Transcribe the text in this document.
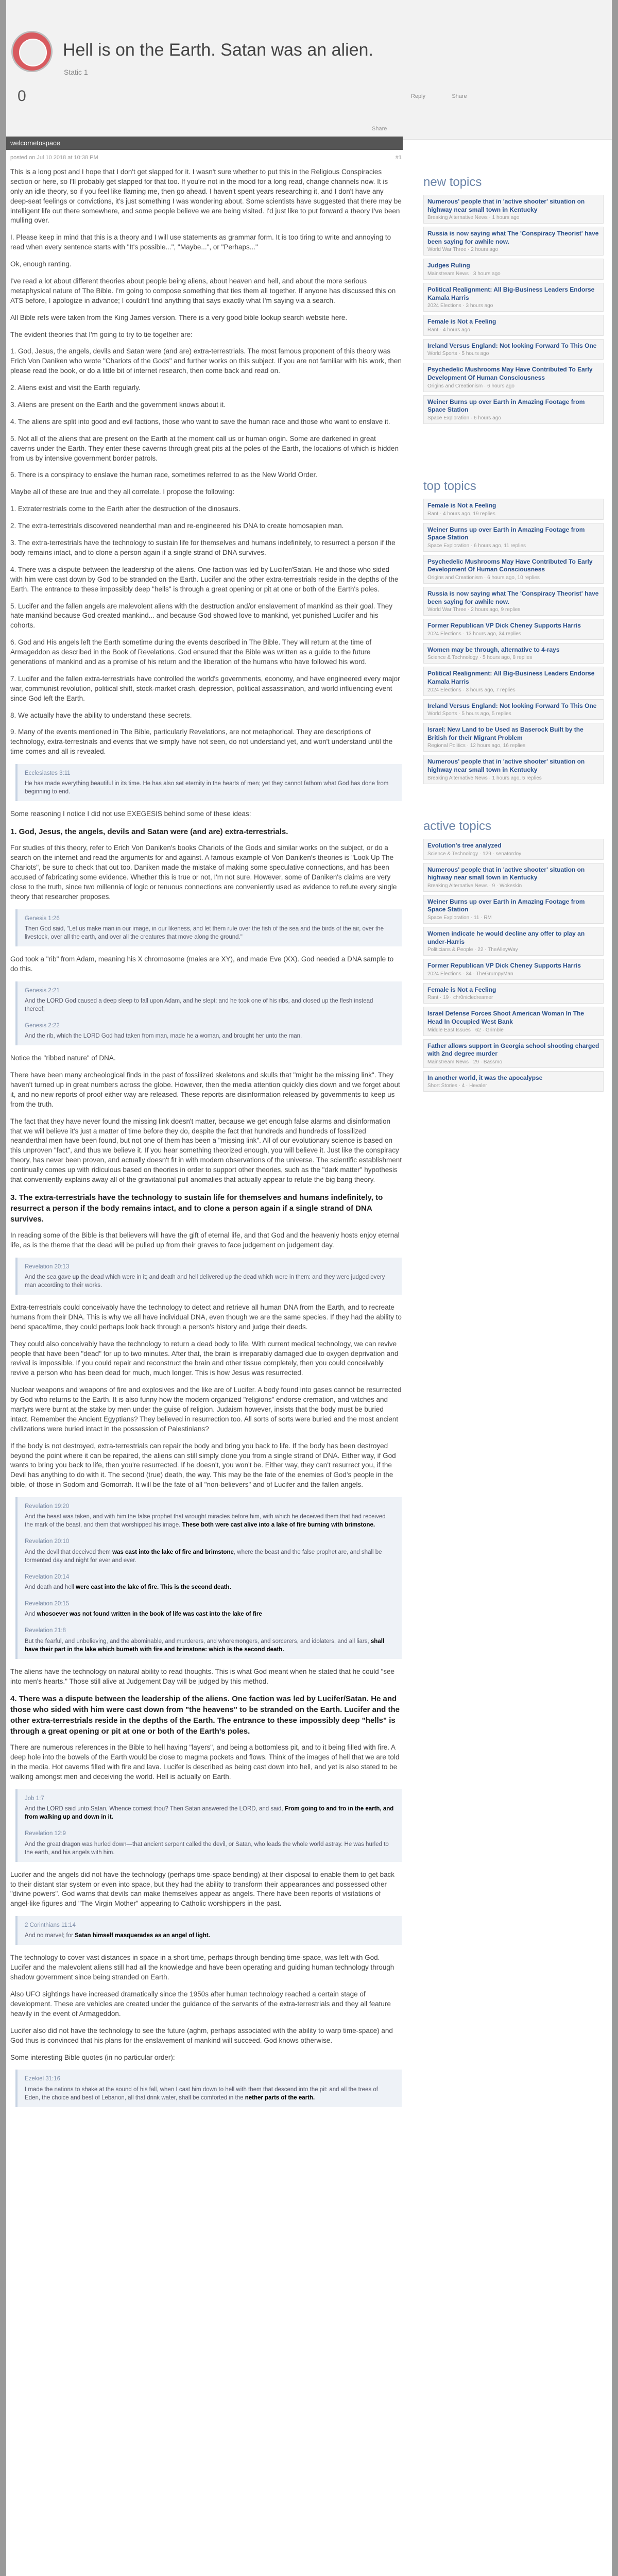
Hell is on the Earth. Satan was an alien.
Static 1
0	Reply	Share
Share
welcometospace
posted on Jul 10 2018 at 10:38 PM	#1

This is a long post and I hope that I don't get slapped for it. I wasn't sure whether to put this in the Religious Conspiracies section or here, so I'll probably get slapped for that too. If you're not in the mood for a long read, change channels now. It is only an idle theory, so if you feel like flaming me, then go ahead. I haven't spent years researching it, and I don't have any deep-seat feelings or convictions, it's just something I was wondering about. Some scientists have suggested that there may be intelligent life out there somewhere, and some people believe we are being visited. I'd just like to put forward a theory I've been mulling over.

I. Please keep in mind that this is a theory and I will use statements as grammar form. It is too tiring to write and annoying to read when every sentence starts with "It's possible...", "Maybe...", or "Perhaps..."

Ok, enough ranting.

I've read a lot about different theories about people being aliens, about heaven and hell, and about the more serious metaphysical nature of The Bible. I'm going to compose something that ties them all together. If anyone has discussed this on ATS before, I apologize in advance; I couldn't find anything that says exactly what I'm saying via a search.

All Bible refs were taken from the King James version. There is a very good bible lookup search website here.

The evident theories that I'm going to try to tie together are:

1. God, Jesus, the angels, devils and Satan were (and are) extra-terrestrials. The most famous proponent of this theory was Erich Von Daniken who wrote "Chariots of the Gods" and further works on this subject. If you are not familiar with his work, then please read the book, or do a little bit of internet research, then come back and read on.

2. Aliens exist and visit the Earth regularly.

3. Aliens are present on the Earth and the government knows about it.

4. The aliens are split into good and evil factions, those who want to save the human race and those who want to enslave it.

5. Not all of the aliens that are present on the Earth at the moment call us or human origin. Some are darkened in great caverns under the Earth. They enter these caverns through great pits at the poles of the Earth, the locations of which is hidden from us by intensive government border patrols.

6. There is a conspiracy to enslave the human race, sometimes referred to as the New World Order.

Maybe all of these are true and they all correlate. I propose the following:

1. Extraterrestrials come to the Earth after the destruction of the dinosaurs.

2. The extra-terrestrials discovered neanderthal man and re-engineered his DNA to create homosapien man.

3. The extra-terrestrials have the technology to sustain life for themselves and humans indefinitely, to resurrect a person if the body remains intact, and to clone a person again if a single strand of DNA survives.

4. There was a dispute between the leadership of the aliens. One faction was led by Lucifer/Satan. He and those who sided with him were cast down by God to be stranded on the Earth. Lucifer and the other extra-terrestrials reside in the depths of the Earth. The entrance to these impossibly deep "hells" is through a great opening or pit at one or both of the Earth's poles.

5. Lucifer and the fallen angels are malevolent aliens with the destruction and/or enslavement of mankind as their goal. They hate mankind because God created mankind... and because God showed love to mankind, yet punished Lucifer and his cohorts.

6. God and His angels left the Earth sometime during the events described in The Bible. They will return at the time of Armageddon as described in the Book of Revelations. God ensured that the Bible was written as a guide to the future generations of mankind and as a promise of his return and the liberation of the humans who have followed his word.

7. Lucifer and the fallen extra-terrestrials have controlled the world's governments, economy, and have engineered every major war, communist revolution, political shift, stock-market crash, depression, political assassination, and world influencing event since God left the Earth.

8. We actually have the ability to understand these secrets.

9. Many of the events mentioned in The Bible, particularly Revelations, are not metaphorical. They are descriptions of technology, extra-terrestrials and events that we simply have not seen, do not understand yet, and won't understand until the time comes and all is revealed.

Ecclesiastes 3:11
He has made everything beautiful in its time. He has also set eternity in the hearts of men; yet they cannot fathom what God has done from beginning to end.

Some reasoning I notice I did not use EXEGESIS behind some of these ideas:

1. God, Jesus, the angels, devils and Satan were (and are) extra-terrestrials.

For studies of this theory, refer to Erich Von Daniken's books Chariots of the Gods and similar works on the subject, or do a search on the internet and read the arguments for and against. A famous example of Von Daniken's theories is "Look Up The Chariots", be sure to check that out too. Daniken made the mistake of making some speculative connections, and has been accused of fabricating some evidence. Whether this is true or not, I'm not sure. However, some of Daniken's claims are very close to the truth, since two millennia of logic or tenuous connections are conveniently used as evidence to refute every single theory that researcher proposes.

Genesis 1:26
Then God said, "Let us make man in our image, in our likeness, and let them rule over the fish of the sea and the birds of the air, over the livestock, over all the earth, and over all the creatures that move along the ground."

God took a "rib" from Adam, meaning his X chromosome (males are XY), and made Eve (XX). God needed a DNA sample to do this.

Genesis 2:21
And the LORD God caused a deep sleep to fall upon Adam, and he slept: and he took one of his ribs, and closed up the flesh instead thereof;

Genesis 2:22
And the rib, which the LORD God had taken from man, made he a woman, and brought her unto the man.

Notice the "ribbed nature" of DNA.

There have been many archeological finds in the past of fossilized skeletons and skulls that "might be the missing link". They haven't turned up in great numbers across the globe. However, then the media attention quickly dies down and we forget about it, and no new reports of proof either way are released. These reports are disinformation released by governments to keep us from the truth.

The fact that they have never found the missing link doesn't matter, because we get enough false alarms and disinformation that we will believe it's just a matter of time before they do, despite the fact that hundreds and hundreds of fossilized neanderthal men have been found, but not one of them has been a "missing link". All of our evolutionary science is based on this unproven "fact", and thus we believe it. If you hear something theorized enough, you will believe it. Just like the conspiracy theory, has never been proven, and actually doesn't fit in with modern observations of the universe. The scientific establishment continually comes up with ridiculous based on theories in order to support other theories, such as the "dark matter" hypothesis that conveniently explains away all of the gravitational pull anomalies that actually appear to refute the big bang theory.

3. The extra-terrestrials have the technology to sustain life for themselves and humans indefinitely, to resurrect a person if the body remains intact, and to clone a person again if a single strand of DNA survives.

In reading some of the Bible is that believers will have the gift of eternal life, and that God and the heavenly hosts enjoy eternal life, as is the theme that the dead will be pulled up from their graves to face judgement on judgement day.

Revelation 20:13
And the sea gave up the dead which were in it; and death and hell delivered up the dead which were in them: and they were judged every man according to their works.

Extra-terrestrials could conceivably have the technology to detect and retrieve all human DNA from the Earth, and to recreate humans from their DNA. This is why we all have individual DNA, even though we are the same species. If they had the ability to bend space/time, they could perhaps look back through a person's history and judge their deeds.

They could also conceivably have the technology to return a dead body to life. With current medical technology, we can revive people that have been "dead" for up to two minutes. After that, the brain is irreparably damaged due to oxygen deprivation and revival is impossible. If you could repair and reconstruct the brain and other tissue completely, then you could conceivably revive a person who has been dead for much, much longer. This is how Jesus was resurrected.

Nuclear weapons and weapons of fire and explosives and the like are of Lucifer. A body found into gases cannot be resurrected by God who returns to the Earth. It is also funny how the modern organized "religions" endorse cremation, and witches and martyrs were burnt at the stake by men under the guise of religion. Judaism however, insists that the body must be buried intact. Remember the Ancient Egyptians? They believed in resurrection too. All sorts of sorts were buried and the most ancient civilizations were buried intact in the possession of Palestinians?

If the body is not destroyed, extra-terrestrials can repair the body and bring you back to life. If the body has been destroyed beyond the point where it can be repaired, the aliens can still simply clone you from a single strand of DNA. Either way, if God wants to bring you back to life, then you're resurrected. If he doesn't, you won't be. Either way, they can't resurrect you, if the Devil has anything to do with it. The second (true) death, the way. This may be the fate of the enemies of God's people in the bible, of those in Sodom and Gomorrah. It will be the fate of all "non-believers" and of Lucifer and the fallen angels.

Revelation 19:20
And the beast was taken, and with him the false prophet that wrought miracles before him, with which he deceived them that had received the mark of the beast, and them that worshipped his image. These both were cast alive into a lake of fire burning with brimstone.

Revelation 20:10
And the devil that deceived them was cast into the lake of fire and brimstone, where the beast and the false prophet are, and shall be tormented day and night for ever and ever.

Revelation 20:14
And death and hell were cast into the lake of fire. This is the second death.

Revelation 20:15
And whosoever was not found written in the book of life was cast into the lake of fire

Revelation 21:8
But the fearful, and unbelieving, and the abominable, and murderers, and whoremongers, and sorcerers, and idolaters, and all liars, shall have their part in the lake which burneth with fire and brimstone: which is the second death.

The aliens have the technology on natural ability to read thoughts. This is what God meant when he stated that he could "see into men's hearts." Those still alive at Judgement Day will be judged by this method.

4. There was a dispute between the leadership of the aliens. One faction was led by Lucifer/Satan. He and those who sided with him were cast down from "the heavens" to be stranded on the Earth. Lucifer and the other extra-terrestrials reside in the depths of the Earth. The entrance to these impossibly deep "hells" is through a great opening or pit at one or both of the Earth's poles.

There are numerous references in the Bible to hell having "layers", and being a bottomless pit, and to it being filled with fire. A deep hole into the bowels of the Earth would be close to magma pockets and flows. Think of the images of hell that we are told in the media. Hot caverns filled with fire and lava. Lucifer is described as being cast down into hell, and yet is also stated to be walking amongst men and deceiving the world. Hell is actually on Earth.

Job 1:7
And the LORD said unto Satan, Whence comest thou? Then Satan answered the LORD, and said, From going to and fro in the earth, and from walking up and down in it.

Revelation 12:9
And the great dragon was hurled down—that ancient serpent called the devil, or Satan, who leads the whole world astray. He was hurled to the earth, and his angels with him.

Lucifer and the angels did not have the technology (perhaps time-space bending) at their disposal to enable them to get back to their distant star system or even into space, but they had the ability to transform their appearances and possessed other "divine powers". God warns that devils can make themselves appear as angels. There have been reports of visitations of angel-like figures and "The Virgin Mother" appearing to Catholic worshippers in the past.

2 Corinthians 11:14
And no marvel; for Satan himself masquerades as an angel of light.

The technology to cover vast distances in space in a short time, perhaps through bending time-space, was left with God. Lucifer and the malevolent aliens still had all the knowledge and have been operating and guiding human technology through shadow government since being stranded on Earth.

Also UFO sightings have increased dramatically since the 1950s after human technology reached a certain stage of development. These are vehicles are created under the guidance of the servants of the extra-terrestrials and they all feature heavily in the event of Armageddon.

Lucifer also did not have the technology to see the future (aghm, perhaps associated with the ability to warp time-space) and God thus is convinced that his plans for the enslavement of mankind will succeed. God knows otherwise.

Some interesting Bible quotes (in no particular order):

Ezekiel 31:16
I made the nations to shake at the sound of his fall, when I cast him down to hell with them that descend into the pit: and all the trees of Eden, the choice and best of Lebanon, all that drink water, shall be comforted in the nether parts of the earth.
new topics
Numerous' people that in 'active shooter' situation on highway near small town in Kentucky
Breaking Alternative News · 1 hours ago
Russia is now saying what The 'Conspiracy Theorist' have been saying for awhile now.
World War Three · 2 hours ago
Judges Ruling
Mainstream News · 3 hours ago
Political Realignment: All Big-Business Leaders Endorse Kamala Harris
2024 Elections · 3 hours ago
Female is Not a Feeling
Rant · 4 hours ago
Ireland Versus England: Not looking Forward To This One
World Sports · 5 hours ago
Psychedelic Mushrooms May Have Contributed To Early Development Of Human Consciousness
Origins and Creationism · 6 hours ago
Weiner Burns up over Earth in Amazing Footage from Space Station
Space Exploration · 6 hours ago
top topics
Female is Not a Feeling
Rant · 4 hours ago, 19 replies
Weiner Burns up over Earth in Amazing Footage from Space Station
Space Exploration · 6 hours ago, 11 replies
Psychedelic Mushrooms May Have Contributed To Early Development Of Human Consciousness
Origins and Creationism · 6 hours ago, 10 replies
Russia is now saying what The 'Conspiracy Theorist' have been saying for awhile now.
World War Three · 2 hours ago, 9 replies
Former Republican VP Dick Cheney Supports Harris
2024 Elections · 13 hours ago, 34 replies
Women may be through, alternative to 4-rays
Science & Technology · 5 hours ago, 8 replies
Political Realignment: All Big-Business Leaders Endorse Kamala Harris
2024 Elections · 3 hours ago, 7 replies
Ireland Versus England: Not looking Forward To This One
World Sports · 5 hours ago, 5 replies
Israel: New Land to be Used as Baserock Built by the British for their Migrant Problem
Regional Politics · 12 hours ago, 16 replies
Numerous' people that in 'active shooter' situation on highway near small town in Kentucky
Breaking Alternative News · 1 hours ago, 5 replies
active topics
Evolution's tree analyzed
Science & Technology · 129 · senatordoy
Numerous' people that in 'active shooter' situation on highway near small town in Kentucky
Breaking Alternative News · 9 · Wokeskin
Weiner Burns up over Earth in Amazing Footage from Space Station
Space Exploration · 11 · RM
Women indicate he would decline any offer to play an under-Harris
Politicians & People · 22 · TheAlleyWay
Former Republican VP Dick Cheney Supports Harris
2024 Elections · 34 · TheGrumpyMan
Female is Not a Feeling
Rant · 19 · chr0nicledreamer
Israel Defense Forces Shoot American Woman In The Head In Occupied West Bank
Middle East Issues · 62 · Grimble
Father allows support in Georgia school shooting charged with 2nd degree murder
Mainstream News · 29 · Bassmo
In another world, it was the apocalypse
Short Stories · 4 · Hevaler
